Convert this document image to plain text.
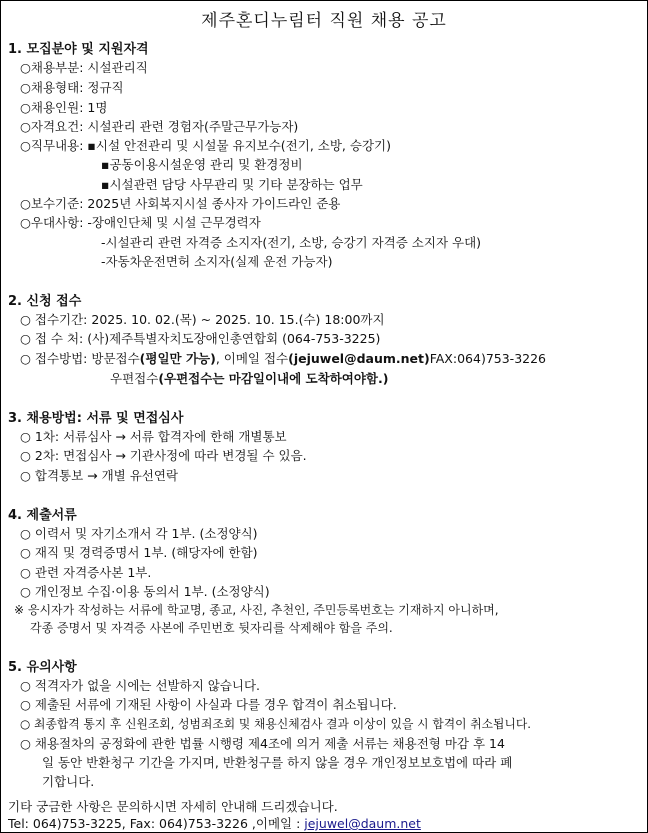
제주혼디누림터 직원 채용 공고
1. 모집분야 및 지원자격
○채용부분: 시설관리직
○채용형태: 정규직
○채용인원: 1명
○자격요건: 시설관리 관련 경험자(주말근무가능자)
○직무내용: ▪시설 안전관리 및 시설물 유지보수(전기, 소방, 승강기)
▪공동이용시설운영 관리 및 환경정비
▪시설관련 담당 사무관리 및 기타 분장하는 업무
○보수기준: 2025년 사회복지시설 종사자 가이드라인 준용
○우대사항: -장애인단체 및 시설 근무경력자
-시설관리 관련 자격증 소지자(전기, 소방, 승강기 자격증 소지자 우대)
-자동차운전면허 소지자(실제 운전 가능자)
2. 신청 접수
○ 접수기간: 2025. 10. 02.(목) ~ 2025. 10. 15.(수) 18:00까지
○ 접 수 처: (사)제주특별자치도장애인총연합회 (064-753-3225)
○ 접수방법: 방문접수(평일만 가능), 이메일 접수(jejuwel@daum.net)FAX:064)753-3226
우편접수(우편접수는 마감일이내에 도착하여야함.)
3. 채용방법: 서류 및 면접심사
○ 1차: 서류심사 → 서류 합격자에 한해 개별통보
○ 2차: 면접심사 → 기관사정에 따라 변경될 수 있음.
○ 합격통보 → 개별 유선연락
4. 제출서류
○ 이력서 및 자기소개서 각 1부. (소정양식)
○ 재직 및 경력증명서 1부. (해당자에 한함)
○ 관련 자격증사본 1부.
○ 개인정보 수집·이용 동의서 1부. (소정양식)
※ 응시자가 작성하는 서류에 학교명, 종교, 사진, 추천인, 주민등록번호는 기재하지 아니하며,
각종 증명서 및 자격증 사본에 주민번호 뒷자리를 삭제해야 함을 주의.
5. 유의사항
○ 적격자가 없을 시에는 선발하지 않습니다.
○ 제출된 서류에 기재된 사항이 사실과 다를 경우 합격이 취소됩니다.
○ 최종합격 통지 후 신원조회, 성범죄조회 및 채용신체검사 결과 이상이 있을 시 합격이 취소됩니다.
○ 채용절차의 공정화에 관한 법률 시행령 제4조에 의거 제출 서류는 채용전형 마감 후 14
일 동안 반환청구 기간을 가지며, 반환청구를 하지 않을 경우 개인정보보호법에 따라 폐
기합니다.
기타 궁금한 사항은 문의하시면 자세히 안내해 드리겠습니다.
Tel: 064)753-3225, Fax: 064)753-3226 ,이메일 : jejuwel@daum.net
